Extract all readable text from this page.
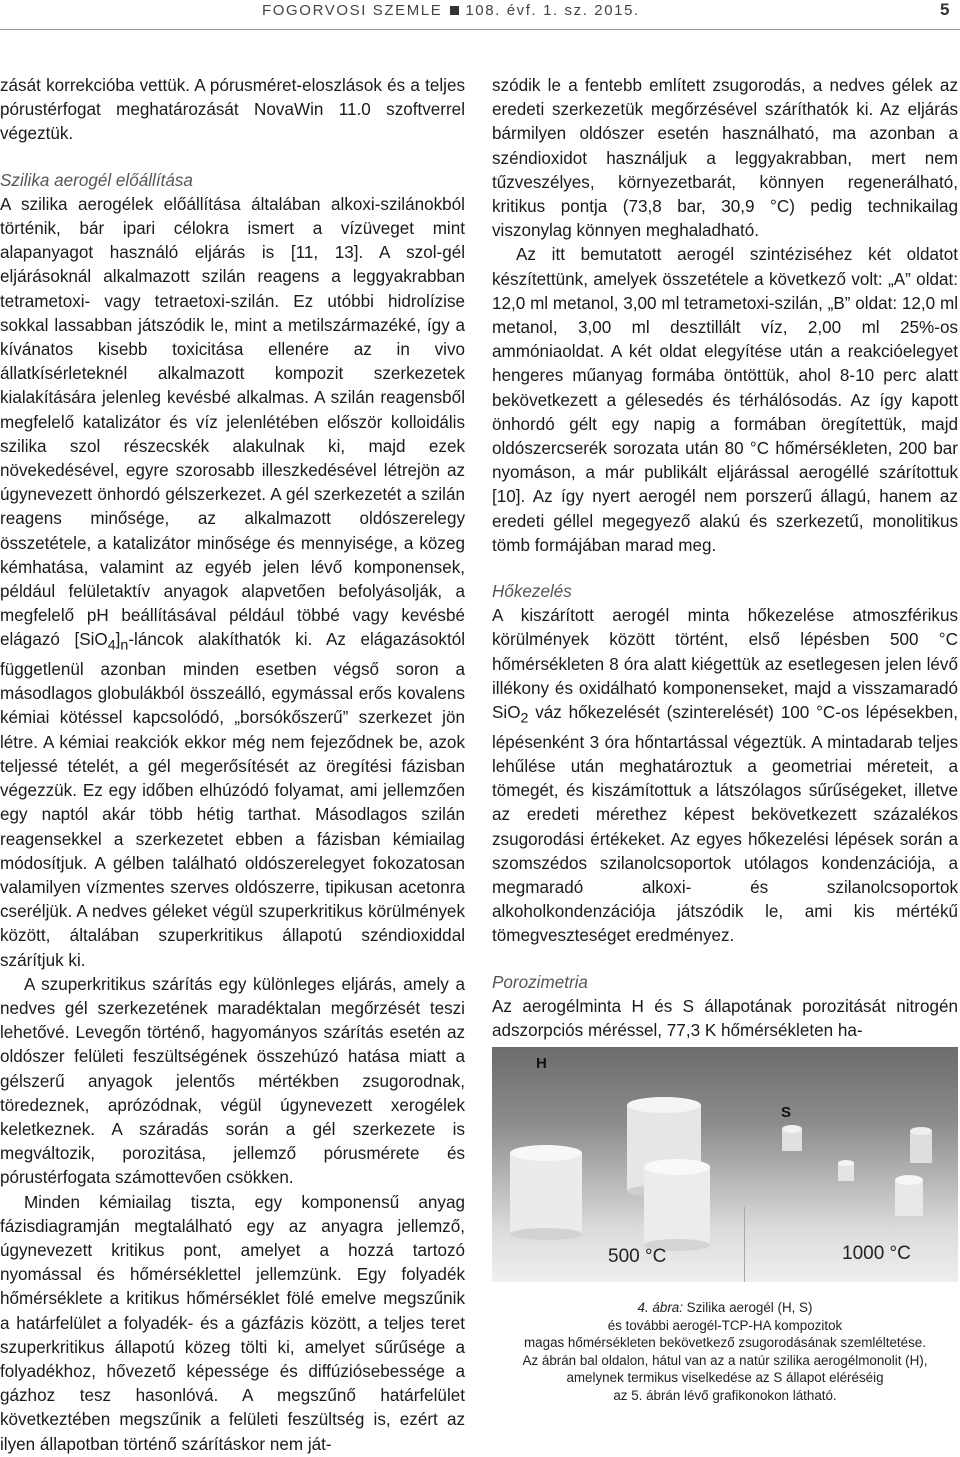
FOGORVOSI SZEMLE 108. évf. 1. sz. 2015.	5

zását korrekcióba vettük. A pórusméret-eloszlások és a teljes pórustérfogat meghatározását NovaWin 11.0 szoftverrel végeztük.

Szilika aerogél előállítása

A szilika aerogélek előállítása általában alkoxi-szilánokból történik, bár ipari célokra ismert a vízüveget mint alapanyagot használó eljárás is [11, 13]. A szol-gél eljárásoknál alkalmazott szilán reagens a leggyakrabban tetrametoxi- vagy tetraetoxi-szilán. Ez utóbbi hidrolízise sokkal lassabban játszódik le, mint a metilszármazéké, így a kívánatos kisebb toxicitása ellenére az in vivo állatkísérleteknél alkalmazott kompozit szerkezetek kialakítására jelenleg kevésbé alkalmas. A szilán reagensből megfelelő katalizátor és víz jelenlétében először kolloidális szilika szol részecskék alakulnak ki, majd ezek növekedésével, egyre szorosabb illeszkedésével létrejön az úgynevezett önhordó gélszerkezet. A gél szerkezetét a szilán reagens minősége, az alkalmazott oldószerelegy összetétele, a katalizátor minősége és mennyisége, a közeg kémhatása, valamint az egyéb jelen lévő komponensek, például felületaktív anyagok alapvetően befolyásolják, a megfelelő pH beállításával például többé vagy kevésbé elágazó $[SiO_4]_n$-láncok alakíthatók ki. Az elágazásoktól függetlenül azonban minden esetben végső soron a másodlagos globulákból összeálló, egymással erős kovalens kémiai kötéssel kapcsolódó, „borsókőszerű” szerkezet jön létre. A kémiai reakciók ekkor még nem fejeződnek be, azok teljessé tételét, a gél megerősítését az öregítési fázisban végezzük. Ez egy időben elhúzódó folyamat, ami jellemzően egy naptól akár több hétig tarthat. Másodlagos szilán reagensekkel a szerkezetet ebben a fázisban kémiailag módosítjuk. A gélben található oldószerelegyet fokozatosan valamilyen vízmentes szerves oldószerre, tipikusan acetonra cseréljük. A nedves géleket végül szuperkritikus körülmények között, általában szuperkritikus állapotú széndioxiddal szárítjuk ki.

A szuperkritikus szárítás egy különleges eljárás, amely a nedves gél szerkezetének maradéktalan megőrzését teszi lehetővé. Levegőn történő, hagyományos szárítás esetén az oldószer felületi feszültségének összehúzó hatása miatt a gélszerű anyagok jelentős mértékben zsugorodnak, töredeznek, aprózódnak, végül úgynevezett xerogélek keletkeznek. A száradás során a gél szerkezete is megváltozik, porozitása, jellemző pórusmérete és pórustérfogata számottevően csökken.

Minden kémiailag tiszta, egy komponensű anyag fázisdiagramján megtalálható egy az anyagra jellemző, úgynevezett kritikus pont, amelyet a hozzá tartozó nyomással és hőmérséklettel jellemzünk. Egy folyadék hőmérséklete a kritikus hőmérséklet fölé emelve megszűnik a határfelület a folyadék- és a gázfázis között, a teljes teret szuperkritikus állapotú közeg tölti ki, amelyet sűrűsége a folyadékhoz, hővezető képessége és diffúziósebessége a gázhoz tesz hasonlóvá. A megszűnő határfelület következtében megszűnik a felületi feszültség is, ezért az ilyen állapotban történő szárításkor nem ját-

szódik le a fentebb említett zsugorodás, a nedves gélek az eredeti szerkezetük megőrzésével száríthatók ki. Az eljárás bármilyen oldószer esetén használható, ma azonban a széndioxidot használjuk a leggyakrabban, mert nem tűzveszélyes, környezetbarát, könnyen regenerálható, kritikus pontja (73,8 bar, 30,9 °C) pedig technikailag viszonylag könnyen meghaladható.

Az itt bemutatott aerogél szintéziséhez két oldatot készítettünk, amelyek összetétele a következő volt: „A” oldat: 12,0 ml metanol, 3,00 ml tetrametoxi-szilán, „B” oldat: 12,0 ml metanol, 3,00 ml desztillált víz, 2,00 ml 25%-os ammóniaoldat. A két oldat elegyítése után a reakcióelegyet hengeres műanyag formába öntöttük, ahol 8-10 perc alatt bekövetkezett a gélesedés és térhálósodás. Az így kapott önhordó gélt egy napig a formában öregítettük, majd oldószercserék sorozata után 80 °C hőmérsékleten, 200 bar nyomáson, a már publikált eljárással aerogéllé szárítottuk [10]. Az így nyert aerogél nem porszerű állagú, hanem az eredeti géllel megegyező alakú és szerkezetű, monolitikus tömb formájában marad meg.

Hőkezelés

A kiszárított aerogél minta hőkezelése atmoszférikus körülmények között történt, első lépésben 500 °C hőmérsékleten 8 óra alatt kiégettük az esetlegesen jelen lévő illékony és oxidálható komponenseket, majd a visszamaradó SiO$_2$ váz hőkezelését (szinterelését) 100 °C-os lépésekben, lépésenként 3 óra hőntartással végeztük. A mintadarab teljes lehűlése után meghatároztuk a geometriai méreteit, a tömegét, és kiszámítottuk a látszólagos sűrűségeket, illetve az eredeti mérethez képest bekövetkezett százalékos zsugorodási értékeket. Az egyes hőkezelési lépések során a szomszédos szilanolcsoportok utólagos kondenzációja, a megmaradó alkoxi- és szilanolcsoportok alkoholkondenzációja játszódik le, ami kis mértékű tömegveszteséget eredményez.

Porozimetria

Az aerogélminta H és S állapotának porozitását nitrogén adszorpciós méréssel, 77,3 K hőmérsékleten ha-

H
S
500 °C	1000 °C
4. ábra: Szilika aerogél (H, S)
és további aerogél-TCP-HA kompozitok
magas hőmérsékleten bekövetkező zsugorodásának szemléltetése.
Az ábrán bal oldalon, hátul van az a natúr szilika aerogélmonolit (H),
amelynek termikus viselkedése az S állapot eléréséig
az 5. ábrán lévő grafikonokon látható.
